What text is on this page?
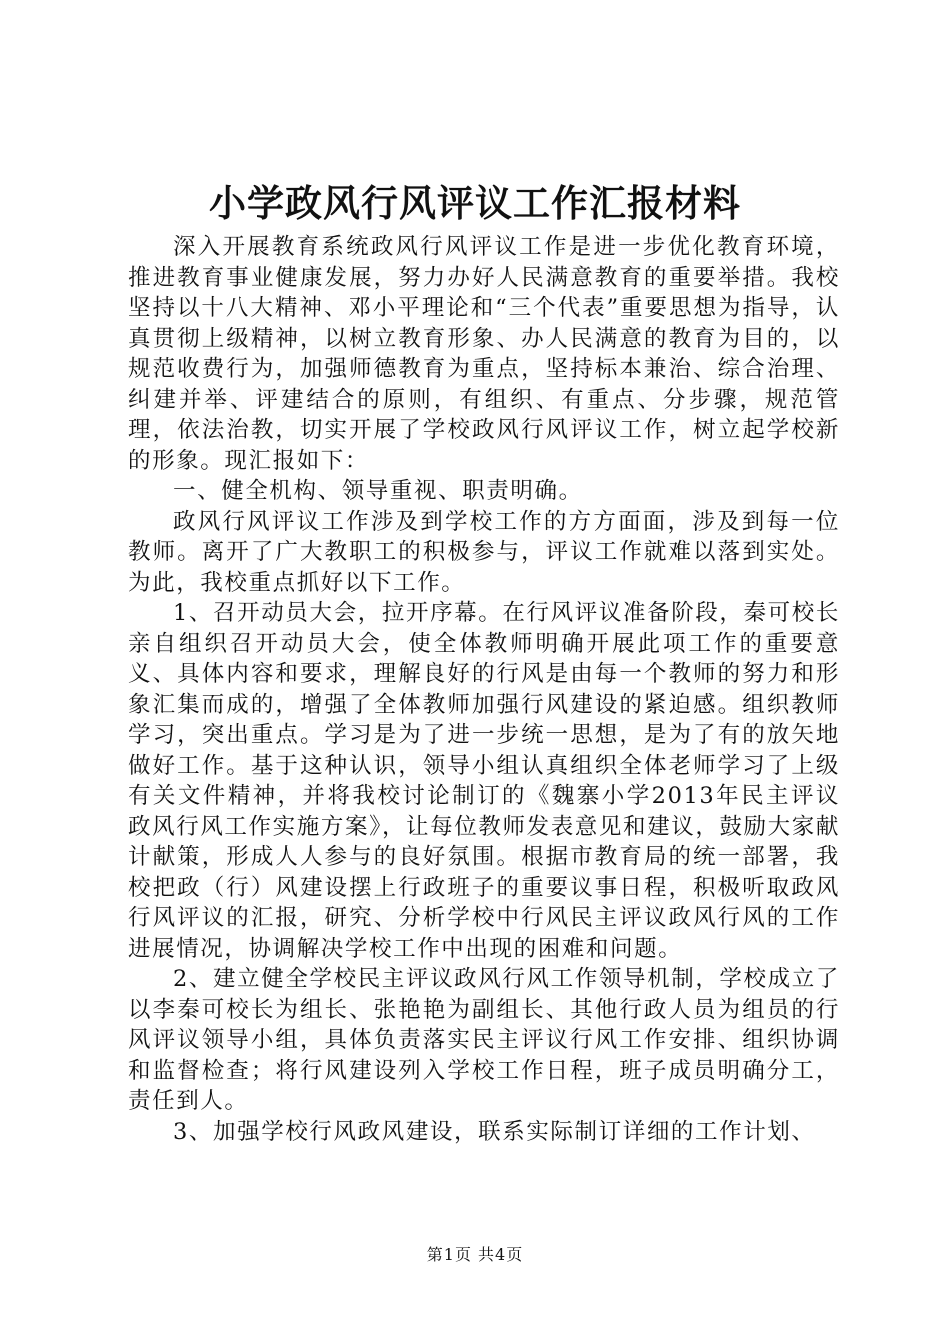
小学政风行风评议工作汇报材料

深入开展教育系统政风行风评议工作是进一步优化教育环境，推进教育事业健康发展，努力办好人民满意教育的重要举措。我校坚持以十八大精神、邓小平理论和“三个代表”重要思想为指导，认真贯彻上级精神，以树立教育形象、办人民满意的教育为目的，以规范收费行为，加强师德教育为重点，坚持标本兼治、综合治理、纠建并举、评建结合的原则，有组织、有重点、分步骤，规范管理，依法治教，切实开展了学校政风行风评议工作，树立起学校新的形象。现汇报如下：

一、健全机构、领导重视、职责明确。

政风行风评议工作涉及到学校工作的方方面面，涉及到每一位教师。离开了广大教职工的积极参与，评议工作就难以落到实处。为此，我校重点抓好以下工作。

1、召开动员大会，拉开序幕。在行风评议准备阶段，秦可校长亲自组织召开动员大会，使全体教师明确开展此项工作的重要意义、具体内容和要求，理解良好的行风是由每一个教师的努力和形象汇集而成的，增强了全体教师加强行风建设的紧迫感。组织教师学习，突出重点。学习是为了进一步统一思想，是为了有的放矢地做好工作。基于这种认识，领导小组认真组织全体老师学习了上级有关文件精神，并将我校讨论制订的《魏寨小学2013年民主评议政风行风工作实施方案》，让每位教师发表意见和建议，鼓励大家献计献策，形成人人参与的良好氛围。根据市教育局的统一部署，我校把政（行）风建设摆上行政班子的重要议事日程，积极听取政风行风评议的汇报，研究、分析学校中行风民主评议政风行风的工作进展情况，协调解决学校工作中出现的困难和问题。

2、建立健全学校民主评议政风行风工作领导机制，学校成立了以李秦可校长为组长、张艳艳为副组长、其他行政人员为组员的行风评议领导小组，具体负责落实民主评议行风工作安排、组织协调和监督检查；将行风建设列入学校工作日程，班子成员明确分工，责任到人。

3、加强学校行风政风建设，联系实际制订详细的工作计划、

第1页 共4页
